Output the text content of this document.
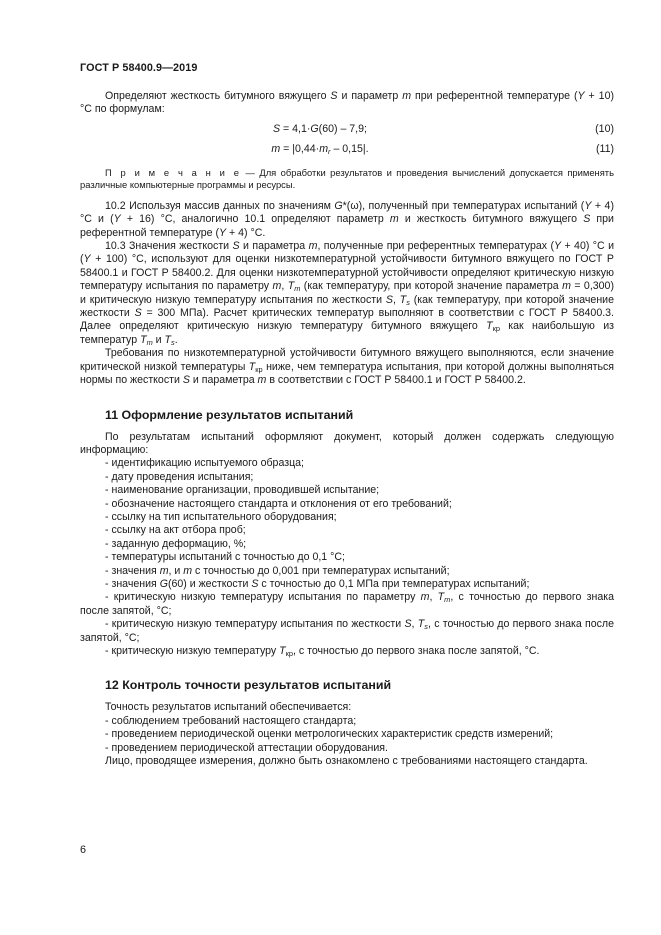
ГОСТ Р 58400.9—2019

Определяют жесткость битумного вяжущего S и параметр m при референтной температуре (Y + 10) °C по формулам:

S = 4,1·G(60) – 7,9;	(10)
$m = |0,44\cdot m_r - 0,15|$.	(11)
П р и м е ч а н и е — Для обработки результатов и проведения вычислений допускается применять различные компьютерные программы и ресурсы.

10.2 Используя массив данных по значениям G*(ω), полученный при температурах испытаний (Y + 4) °C и (Y + 16) °C, аналогично 10.1 определяют параметр m и жесткость битумного вяжущего S при референтной температуре (Y + 4) °C.

10.3 Значения жесткости S и параметра m, полученные при референтных температурах (Y + 40) °C и (Y + 100) °C, используют для оценки низкотемпературной устойчивости битумного вяжущего по ГОСТ Р 58400.1 и ГОСТ Р 58400.2. Для оценки низкотемпературной устойчивости определяют критическую низкую температуру испытания по параметру m, $T_m$ (как температуру, при которой значение параметра m = 0,300) и критическую низкую температуру испытания по жесткости S, $T_s$ (как температуру, при которой значение жесткости S = 300 МПа). Расчет критических температур выполняют в соответствии с ГОСТ Р 58400.3. Далее определяют критическую низкую температуру битумного вяжущего $T_{кр}$ как наибольшую из температур $T_m$ и $T_s$.

Требования по низкотемпературной устойчивости битумного вяжущего выполняются, если значение критической низкой температуры $T_{кр}$ ниже, чем температура испытания, при которой должны выполняться нормы по жесткости S и параметра m в соответствии с ГОСТ Р 58400.1 и ГОСТ Р 58400.2.

11 Оформление результатов испытаний

По результатам испытаний оформляют документ, который должен содержать следующую информацию:

- идентификацию испытуемого образца;
- дату проведения испытания;
- наименование организации, проводившей испытание;
- обозначение настоящего стандарта и отклонения от его требований;
- ссылку на тип испытательного оборудования;
- ссылку на акт отбора проб;
- заданную деформацию, %;
- температуры испытаний с точностью до 0,1 °C;
- значения m, и m с точностью до 0,001 при температурах испытаний;
- значения G(60) и жесткости S с точностью до 0,1 МПа при температурах испытаний;

- критическую низкую температуру испытания по параметру m, $T_m$, с точностью до первого знака после запятой, °C;

- критическую низкую температуру испытания по жесткости S, $T_s$, с точностью до первого знака после запятой, °C;

- критическую низкую температуру $T_{кр}$, с точностью до первого знака после запятой, °C.
12 Контроль точности результатов испытаний

Точность результатов испытаний обеспечивается:

- соблюдением требований настоящего стандарта;
- проведением периодической оценки метрологических характеристик средств измерений;
- проведением периодической аттестации оборудования.

Лицо, проводящее измерения, должно быть ознакомлено с требованиями настоящего стандарта.

6
